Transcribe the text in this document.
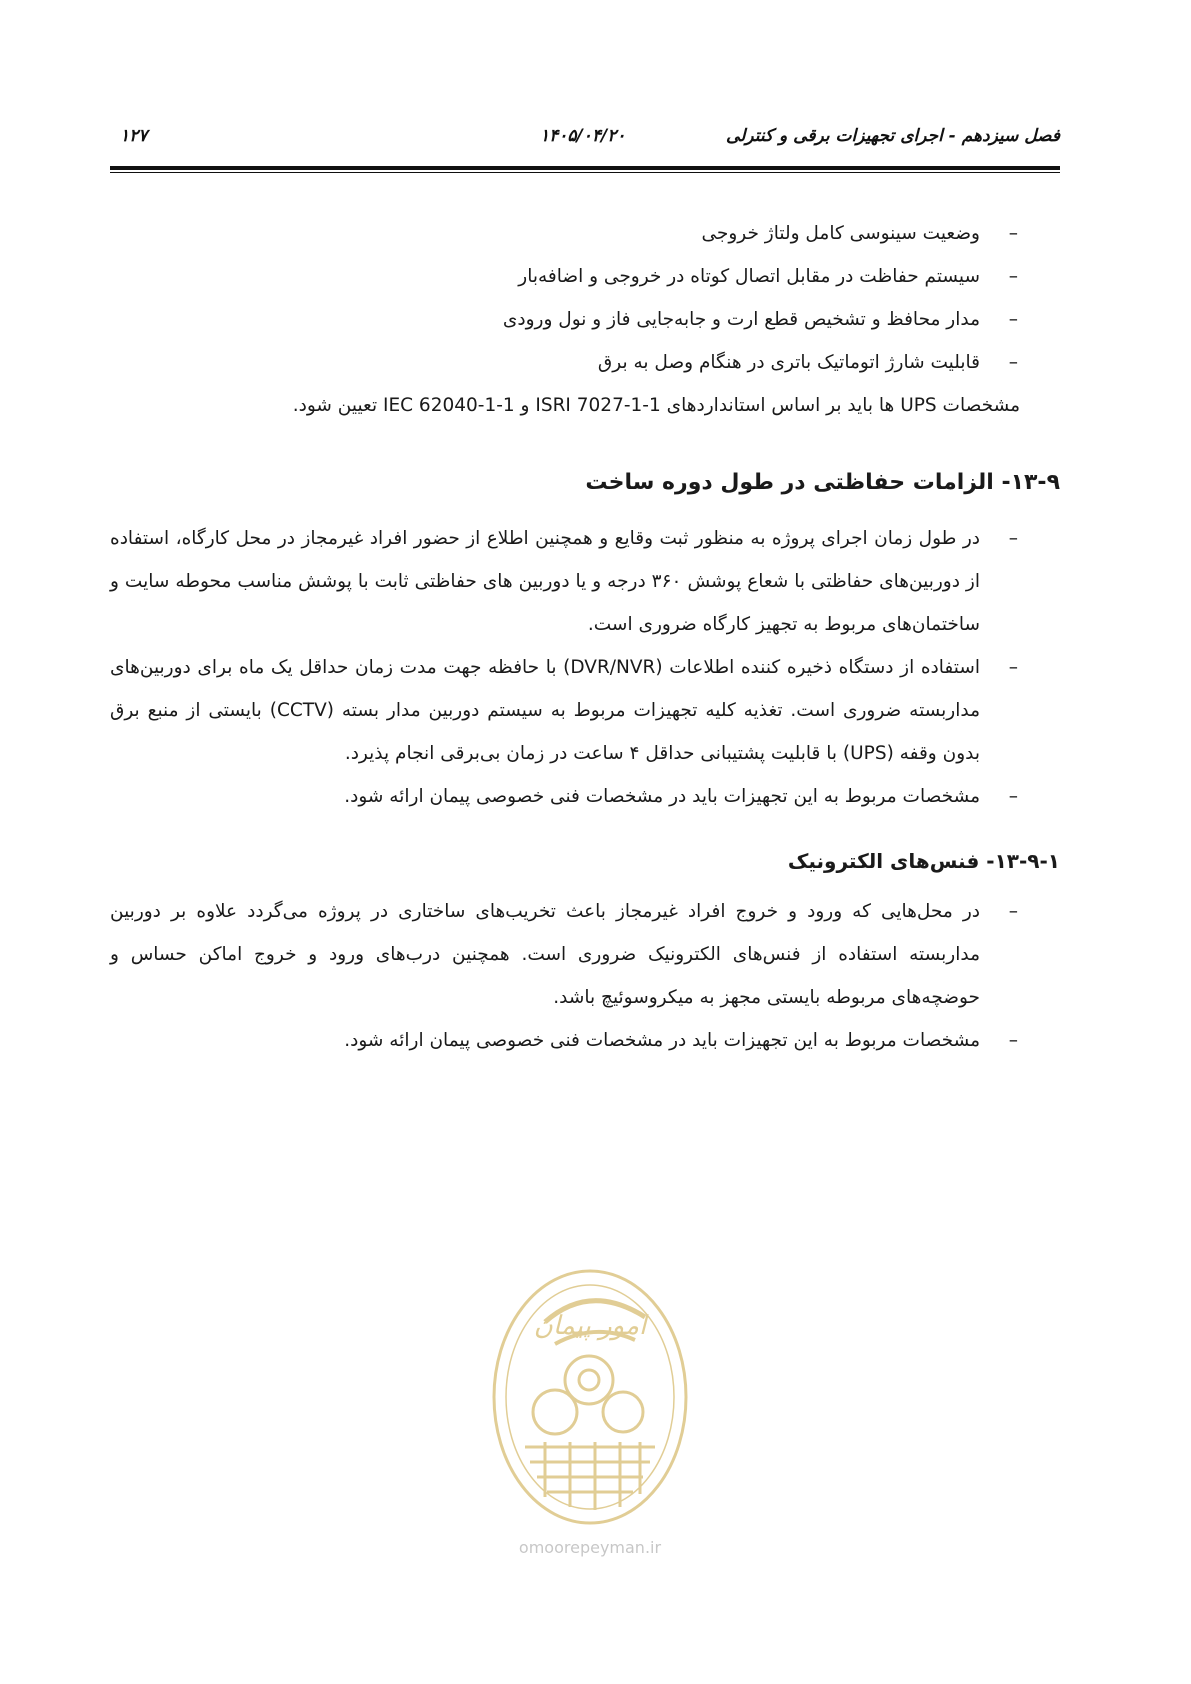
فصل سیزدهم - اجرای تجهیزات برقی و کنترلی
۱۴۰۵/۰۴/۲۰
۱۲۷
–
وضعیت سینوسی کامل ولتاژ خروجی
–
سیستم حفاظت در مقابل اتصال کوتاه در خروجی و اضافه‌بار
–
مدار محافظ و تشخیص قطع ارت و جابه‌جایی فاز و نول ورودی
–
قابلیت شارژ اتوماتیک باتری در هنگام وصل به برق

مشخصات UPS ها باید بر اساس استانداردهای ISRI 7027-1-1 و IEC 62040-1-1 تعیین شود.

۱۳-۹- الزامات حفاظتی در طول دوره ساخت
–
در طول زمان اجرای پروژه به منظور ثبت وقایع و همچنین اطلاع از حضور افراد غیرمجاز در محل کارگاه، استفاده از دوربین‌های حفاظتی با شعاع پوشش ۳۶۰ درجه و یا دوربین های حفاظتی ثابت با پوشش مناسب محوطه سایت و ساختمان‌های مربوط به تجهیز کارگاه ضروری است.
–
استفاده از دستگاه ذخیره کننده اطلاعات (DVR/NVR) با حافظه جهت مدت زمان حداقل یک ماه برای دوربین‌های مداربسته ضروری است. تغذیه کلیه تجهیزات مربوط به سیستم دوربین مدار بسته (CCTV) بایستی از منبع برق بدون وقفه (UPS) با قابلیت پشتیبانی حداقل ۴ ساعت در زمان بی‌برقی انجام پذیرد.
–
مشخصات مربوط به این تجهیزات باید در مشخصات فنی خصوصی پیمان ارائه شود.
۱۳-۹-۱- فنس‌های الکترونیک
–
در محل‌هایی که ورود و خروج افراد غیرمجاز باعث تخریب‌های ساختاری در پروژه می‌گردد علاوه بر دوربین مداربسته استفاده از فنس‌های الکترونیک ضروری است. همچنین درب‌های ورود و خروج اماکن حساس و حوضچه‌های مربوطه بایستی مجهز به میکروسوئیچ باشد.
–
مشخصات مربوط به این تجهیزات باید در مشخصات فنی خصوصی پیمان ارائه شود.
امور پیمان
omoorepeyman.ir
